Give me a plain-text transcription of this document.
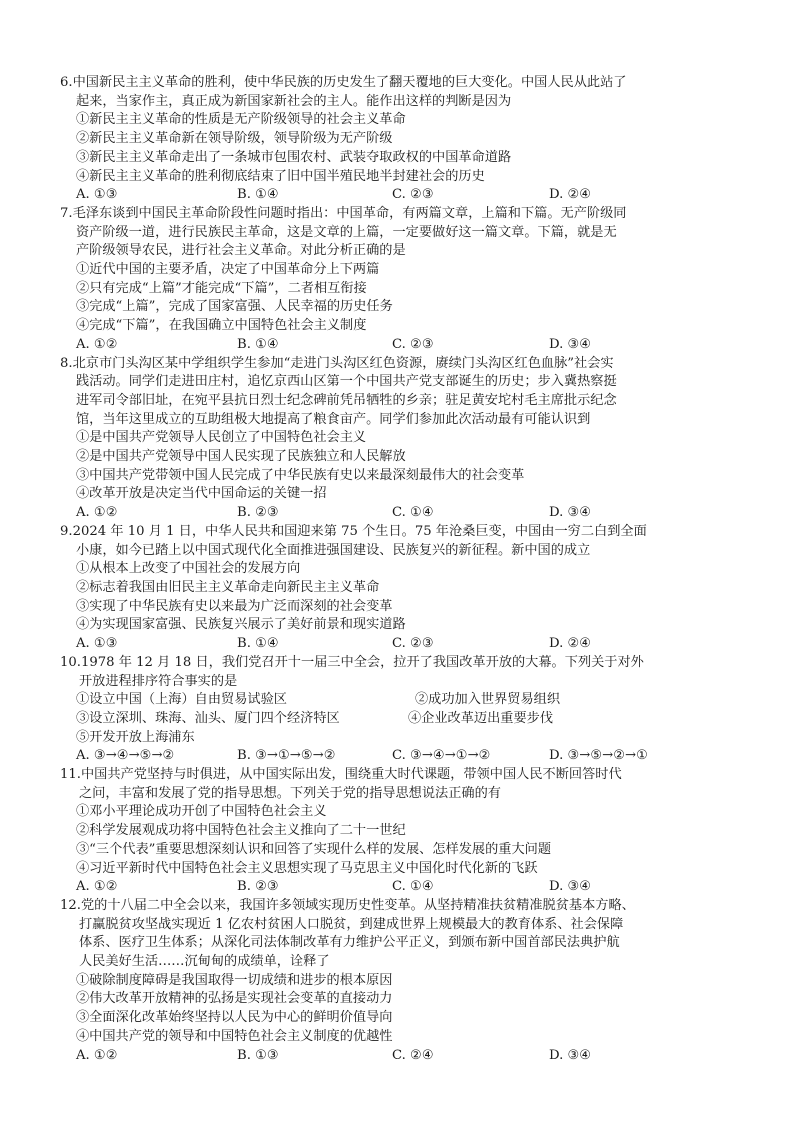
6.中国新民主主义革命的胜利，使中华民族的历史发生了翻天覆地的巨大变化。中国人民从此站了
起来，当家作主，真正成为新国家新社会的主人。能作出这样的判断是因为
①新民主主义革命的性质是无产阶级领导的社会主义革命
②新民主主义革命新在领导阶级，领导阶级为无产阶级
③新民主主义革命走出了一条城市包围农村、武装夺取政权的中国革命道路
④新民主主义革命的胜利彻底结束了旧中国半殖民地半封建社会的历史
A. ①③	B. ①④	C. ②③	D. ②④
7.毛泽东谈到中国民主革命阶段性问题时指出：中国革命，有两篇文章，上篇和下篇。无产阶级同
资产阶级一道，进行民族民主革命，这是文章的上篇，一定要做好这一篇文章。下篇，就是无
产阶级领导农民，进行社会主义革命。对此分析正确的是
①近代中国的主要矛盾，决定了中国革命分上下两篇
②只有完成“上篇”才能完成“下篇”，二者相互衔接
③完成“上篇”，完成了国家富强、人民幸福的历史任务
④完成“下篇”，在我国确立中国特色社会主义制度
A. ①②	B. ①④	C. ②③	D. ③④
8.北京市门头沟区某中学组织学生参加“走进门头沟区红色资源，赓续门头沟区红色血脉”社会实
践活动。同学们走进田庄村，追忆京西山区第一个中国共产党支部诞生的历史；步入冀热察挺
进军司令部旧址，在宛平县抗日烈士纪念碑前凭吊牺牲的乡亲；驻足黄安坨村毛主席批示纪念
馆，当年这里成立的互助组极大地提高了粮食亩产。同学们参加此次活动最有可能认识到
①是中国共产党领导人民创立了中国特色社会主义
②是中国共产党领导中国人民实现了民族独立和人民解放
③中国共产党带领中国人民完成了中华民族有史以来最深刻最伟大的社会变革
④改革开放是决定当代中国命运的关键一招
A. ①②	B. ②③	C. ①④	D. ③④
9.2024 年 10 月 1 日，中华人民共和国迎来第 75 个生日。75 年沧桑巨变，中国由一穷二白到全面
小康，如今已踏上以中国式现代化全面推进强国建设、民族复兴的新征程。新中国的成立
①从根本上改变了中国社会的发展方向
②标志着我国由旧民主主义革命走向新民主主义革命
③实现了中华民族有史以来最为广泛而深刻的社会变革
④为实现国家富强、民族复兴展示了美好前景和现实道路
A. ①③	B. ①④	C. ②③	D. ②④
10.1978 年 12 月 18 日，我们党召开十一届三中全会，拉开了我国改革开放的大幕。下列关于对外
开放进程排序符合事实的是
①设立中国（上海）自由贸易试验区	②成功加入世界贸易组织
③设立深圳、珠海、汕头、厦门四个经济特区	④企业改革迈出重要步伐
⑤开发开放上海浦东
A. ③→④→⑤→②	B. ③→①→⑤→②	C. ③→④→①→②	D. ③→⑤→②→①
11.中国共产党坚持与时俱进，从中国实际出发，围绕重大时代课题，带领中国人民不断回答时代
之问，丰富和发展了党的指导思想。下列关于党的指导思想说法正确的有
①邓小平理论成功开创了中国特色社会主义
②科学发展观成功将中国特色社会主义推向了二十一世纪
③“三个代表”重要思想深刻认识和回答了实现什么样的发展、怎样发展的重大问题
④习近平新时代中国特色社会主义思想实现了马克思主义中国化时代化新的飞跃
A. ①②	B. ②③	C. ①④	D. ③④
12.党的十八届二中全会以来，我国许多领域实现历史性变革。从坚持精准扶贫精准脱贫基本方略、
打赢脱贫攻坚战实现近 1 亿农村贫困人口脱贫，到建成世界上规模最大的教育体系、社会保障
体系、医疗卫生体系；从深化司法体制改革有力维护公平正义，到颁布新中国首部民法典护航
人民美好生活……沉甸甸的成绩单，诠释了
①破除制度障碍是我国取得一切成绩和进步的根本原因
②伟大改革开放精神的弘扬是实现社会变革的直接动力
③全面深化改革始终坚持以人民为中心的鲜明价值导向
④中国共产党的领导和中国特色社会主义制度的优越性
A. ①②	B. ①③	C. ②④	D. ③④
